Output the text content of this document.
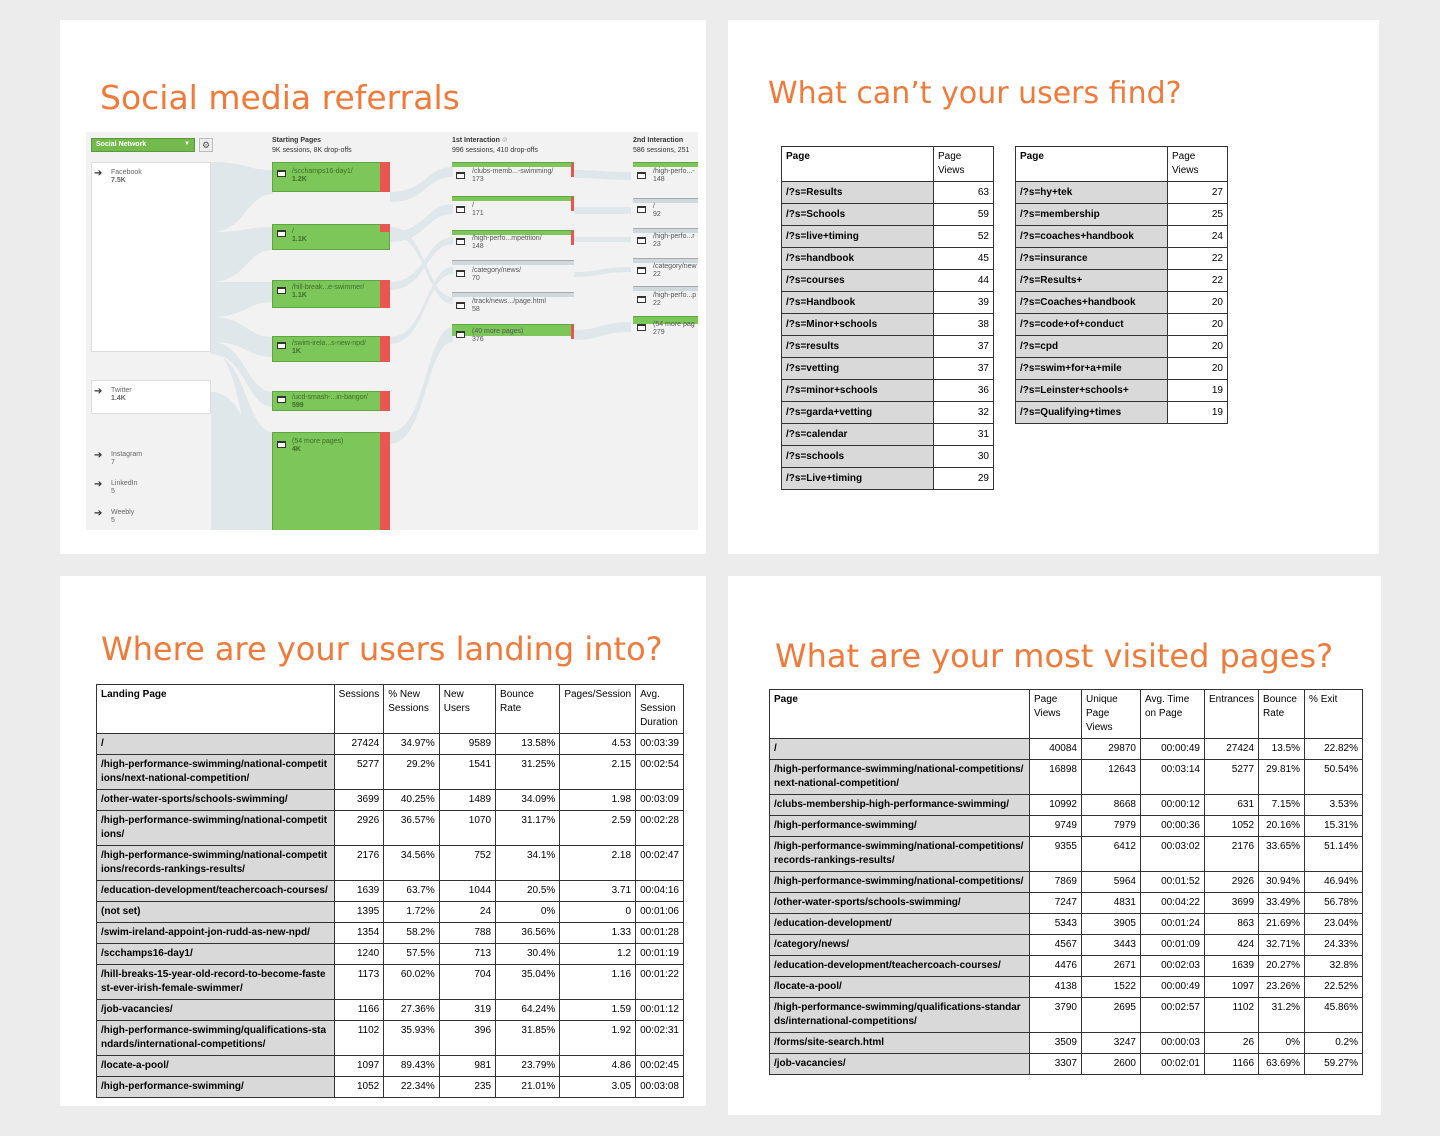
Social media referrals
Social Network	▼	⚙	Starting Pages
9K sessions, 8K drop-offs
1st Interaction ⊘
996 sessions, 410 drop-offs
2nd Interaction
586 sessions, 251
➔ Facebook
7.5K
➔ Twitter
1.4K
➔ Instagram
7
➔ LinkedIn
5
➔ Weebly
5
/scchamps16-day1/
1.2K
/
1.1K
/hill-break...e-swimmer/
1.1K
/swim-irela...s-new-npd/
1K
/ucd-smash-...in-bangor/
599
(54 more pages)
4K
/clubs-memb...-swimming/
173
/
171
/high-perfo...mpetition/
148
/category/news/
70
/track/news.../page.html
58
(40 more pages)
376
/high-perfo...-
148
/
92
/high-perfo...r
23
/category/new
22
/high-perfo...p
22
(54 more pag
279
What can’t your users find?
Page	Page Views
/?s=Results	63
/?s=Schools	59
/?s=live+timing	52
/?s=handbook	45
/?s=courses	44
/?s=Handbook	39
/?s=Minor+schools	38
/?s=results	37
/?s=vetting	37
/?s=minor+schools	36
/?s=garda+vetting	32
/?s=calendar	31
/?s=schools	30
/?s=Live+timing	29
Page	Page Views
/?s=hy+tek	27
/?s=membership	25
/?s=coaches+handbook	24
/?s=insurance	22
/?s=Results+	22
/?s=Coaches+handbook	20
/?s=code+of+conduct	20
/?s=cpd	20
/?s=swim+for+a+mile	20
/?s=Leinster+schools+	19
/?s=Qualifying+times	19
Where are your users landing into?
Landing Page	Sessions	% New Sessions	New Users	Bounce Rate	Pages/Session	Avg. Session Duration
/	27424	34.97%	9589	13.58%	4.53	00:03:39
/high-performance-swimming/national-competitions/next-national-competition/	5277	29.2%	1541	31.25%	2.15	00:02:54
/other-water-sports/schools-swimming/	3699	40.25%	1489	34.09%	1.98	00:03:09
/high-performance-swimming/national-competitions/	2926	36.57%	1070	31.17%	2.59	00:02:28
/high-performance-swimming/national-competitions/records-rankings-results/	2176	34.56%	752	34.1%	2.18	00:02:47
/education-development/teachercoach-courses/	1639	63.7%	1044	20.5%	3.71	00:04:16
(not set)	1395	1.72%	24	0%	0	00:01:06
/swim-ireland-appoint-jon-rudd-as-new-npd/	1354	58.2%	788	36.56%	1.33	00:01:28
/scchamps16-day1/	1240	57.5%	713	30.4%	1.2	00:01:19
/hill-breaks-15-year-old-record-to-become-fastest-ever-irish-female-swimmer/	1173	60.02%	704	35.04%	1.16	00:01:22
/job-vacancies/	1166	27.36%	319	64.24%	1.59	00:01:12
/high-performance-swimming/qualifications-standards/international-competitions/	1102	35.93%	396	31.85%	1.92	00:02:31
/locate-a-pool/	1097	89.43%	981	23.79%	4.86	00:02:45
/high-performance-swimming/	1052	22.34%	235	21.01%	3.05	00:03:08
What are your most visited pages?
Page	Page Views	Unique Page Views	Avg. Time on Page	Entrances	Bounce Rate	% Exit
/	40084	29870	00:00:49	27424	13.5%	22.82%
/high-performance-swimming/national-competitions/next-national-competition/	16898	12643	00:03:14	5277	29.81%	50.54%
/clubs-membership-high-performance-swimming/	10992	8668	00:00:12	631	7.15%	3.53%
/high-performance-swimming/	9749	7979	00:00:36	1052	20.16%	15.31%
/high-performance-swimming/national-competitions/records-rankings-results/	9355	6412	00:03:02	2176	33.65%	51.14%
/high-performance-swimming/national-competitions/	7869	5964	00:01:52	2926	30.94%	46.94%
/other-water-sports/schools-swimming/	7247	4831	00:04:22	3699	33.49%	56.78%
/education-development/	5343	3905	00:01:24	863	21.69%	23.04%
/category/news/	4567	3443	00:01:09	424	32.71%	24.33%
/education-development/teachercoach-courses/	4476	2671	00:02:03	1639	20.27%	32.8%
/locate-a-pool/	4138	1522	00:00:49	1097	23.26%	22.52%
/high-performance-swimming/qualifications-standards/international-competitions/	3790	2695	00:02:57	1102	31.2%	45.86%
/forms/site-search.html	3509	3247	00:00:03	26	0%	0.2%
/job-vacancies/	3307	2600	00:02:01	1166	63.69%	59.27%
